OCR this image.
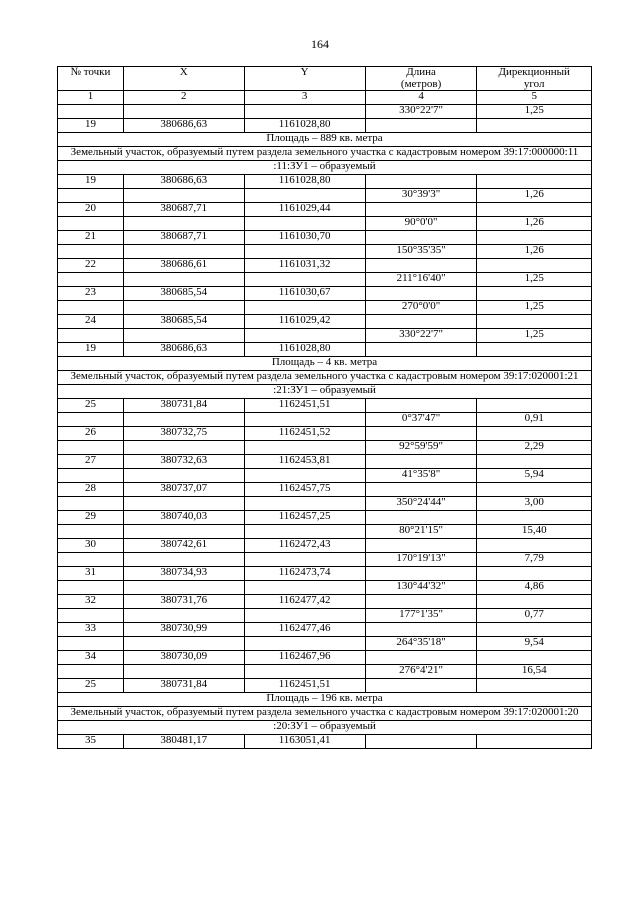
164
№ точки	X	Y	Длина
(метров)	Дирекционный
угол
1	2	3	4	5
			330°22'7"	1,25
19	380686,63	1161028,80		
Площадь – 889 кв. метра				
Земельный участок, образуемый путем раздела земельного участка с кадастровым номером 39:17:000000:11				
:11:ЗУ1 – образуемый				
19	380686,63	1161028,80		
			30°39'3"	1,26
20	380687,71	1161029,44		
			90°0'0"	1,26
21	380687,71	1161030,70		
			150°35'35"	1,26
22	380686,61	1161031,32		
			211°16'40"	1,25
23	380685,54	1161030,67		
			270°0'0"	1,25
24	380685,54	1161029,42		
			330°22'7"	1,25
19	380686,63	1161028,80		
Площадь – 4 кв. метра				
Земельный участок, образуемый путем раздела земельного участка с кадастровым номером 39:17:020001:21				
:21:ЗУ1 – образуемый				
25	380731,84	1162451,51		
			0°37'47"	0,91
26	380732,75	1162451,52		
			92°59'59"	2,29
27	380732,63	1162453,81		
			41°35'8"	5,94
28	380737,07	1162457,75		
			350°24'44"	3,00
29	380740,03	1162457,25		
			80°21'15"	15,40
30	380742,61	1162472,43		
			170°19'13"	7,79
31	380734,93	1162473,74		
			130°44'32"	4,86
32	380731,76	1162477,42		
			177°1'35"	0,77
33	380730,99	1162477,46		
			264°35'18"	9,54
34	380730,09	1162467,96		
			276°4'21"	16,54
25	380731,84	1162451,51		
Площадь – 196 кв. метра				
Земельный участок, образуемый путем раздела земельного участка с кадастровым номером 39:17:020001:20				
:20:ЗУ1 – образуемый				
35	380481,17	1163051,41		
